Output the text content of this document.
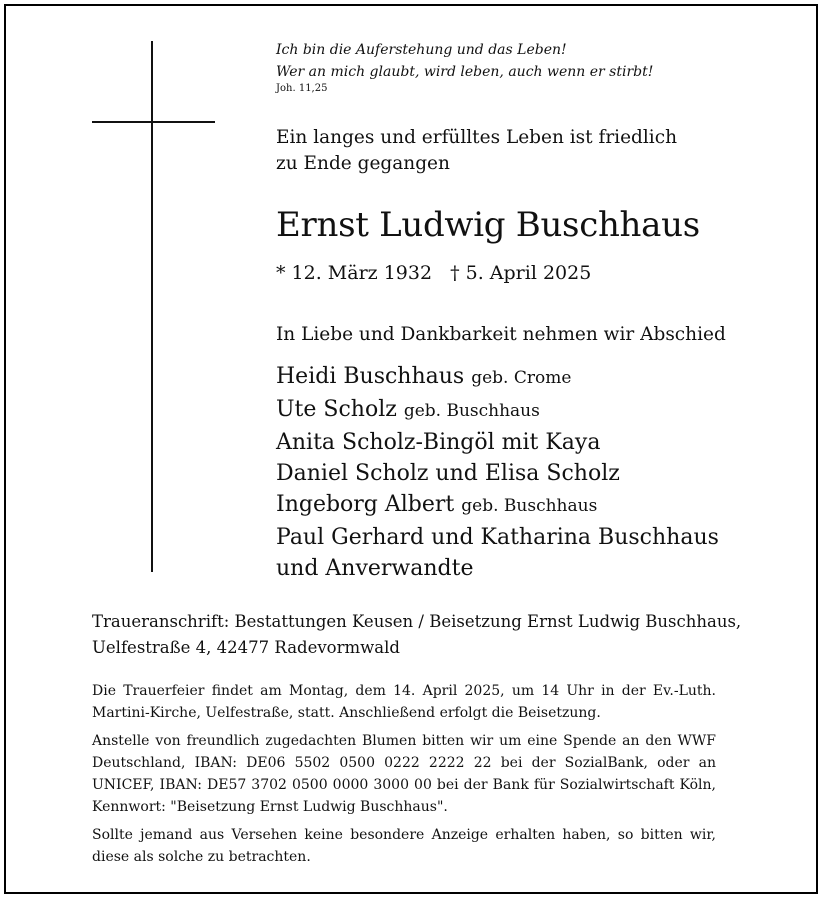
Ich bin die Auferstehung und das Leben!
Wer an mich glaubt, wird leben, auch wenn er stirbt!
Joh. 11,25
Ein langes und erfülltes Leben ist friedlich
zu Ende gegangen
Ernst Ludwig Buschhaus
* 12. März 1932 † 5. April 2025
In Liebe und Dankbarkeit nehmen wir Abschied
Heidi Buschhaus geb. Crome
Ute Scholz geb. Buschhaus
Anita Scholz-Bingöl mit Kaya
Daniel Scholz und Elisa Scholz
Ingeborg Albert geb. Buschhaus
Paul Gerhard und Katharina Buschhaus
und Anverwandte
Traueranschrift: Bestattungen Keusen / Beisetzung Ernst Ludwig Buschhaus,
Uelfestraße 4, 42477 Radevormwald
Die Trauerfeier findet am Montag, dem 14. April 2025, um 14 Uhr in der Ev.-Luth. Martini-Kirche, Uelfestraße, statt. Anschließend erfolgt die Beisetzung.
Anstelle von freundlich zugedachten Blumen bitten wir um eine Spende an den WWF Deutschland, IBAN: DE06 5502 0500 0222 2222 22 bei der SozialBank, oder an UNICEF, IBAN: DE57 3702 0500 0000 3000 00 bei der Bank für Sozialwirtschaft Köln, Kennwort: "Beisetzung Ernst Ludwig Buschhaus".
Sollte jemand aus Versehen keine besondere Anzeige erhalten haben, so bitten wir, diese als solche zu betrachten.
